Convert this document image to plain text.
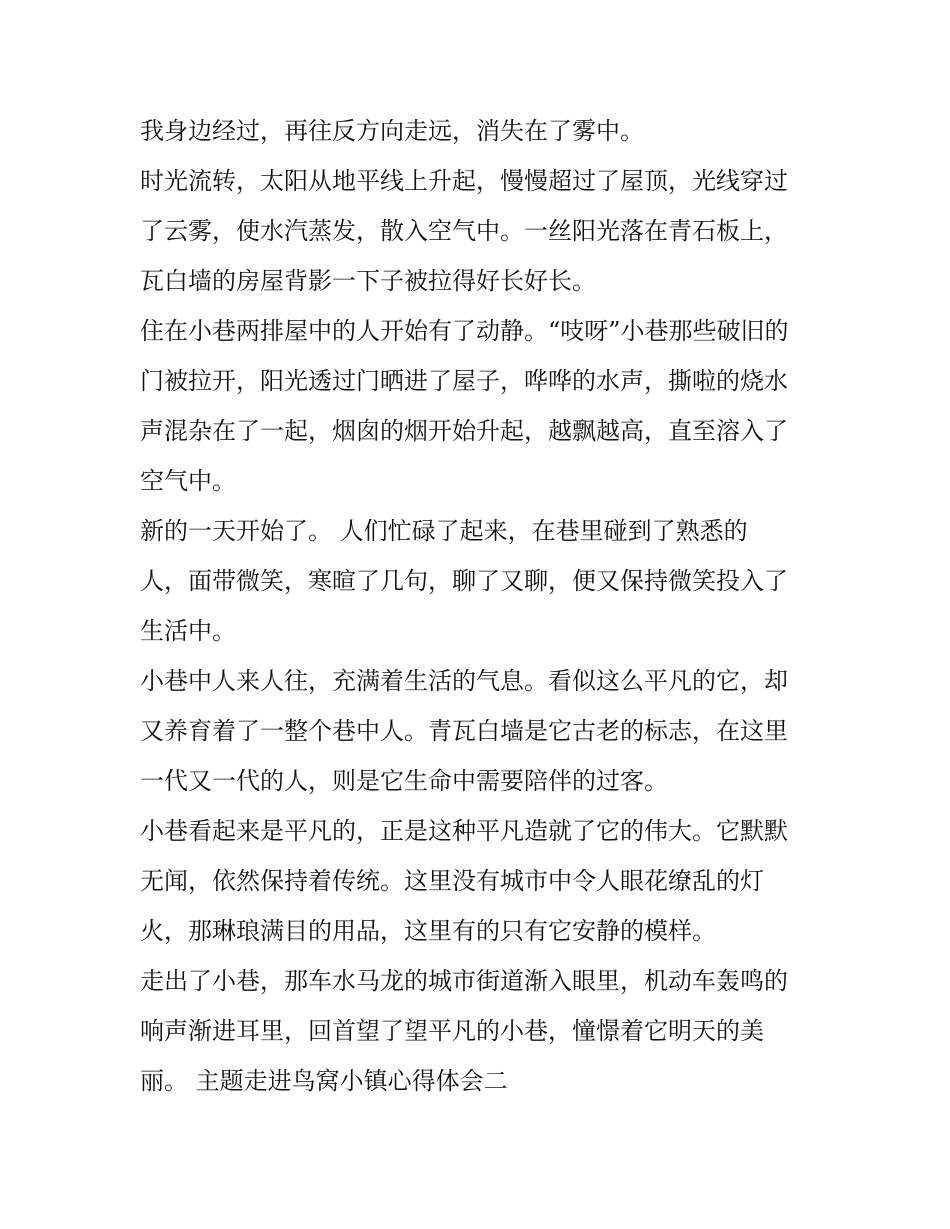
我身边经过，再往反方向走远，消失在了雾中。
时光流转，太阳从地平线上升起，慢慢超过了屋顶，光线穿过
了云雾，使水汽蒸发，散入空气中。一丝阳光落在青石板上，
瓦白墙的房屋背影一下子被拉得好长好长。
住在小巷两排屋中的人开始有了动静。“吱呀”小巷那些破旧的
门被拉开，阳光透过门晒进了屋子，哗哗的水声，撕啦的烧水
声混杂在了一起，烟囱的烟开始升起，越飘越高，直至溶入了
空气中。
新的一天开始了。 人们忙碌了起来，在巷里碰到了熟悉的
人，面带微笑，寒暄了几句，聊了又聊，便又保持微笑投入了
生活中。
小巷中人来人往，充满着生活的气息。看似这么平凡的它，却
又养育着了一整个巷中人。青瓦白墙是它古老的标志，在这里
一代又一代的人，则是它生命中需要陪伴的过客。
小巷看起来是平凡的，正是这种平凡造就了它的伟大。它默默
无闻，依然保持着传统。这里没有城市中令人眼花缭乱的灯
火，那琳琅满目的用品，这里有的只有它安静的模样。
走出了小巷，那车水马龙的城市街道渐入眼里，机动车轰鸣的
响声渐进耳里，回首望了望平凡的小巷，憧憬着它明天的美
丽。 主题走进鸟窝小镇心得体会二
